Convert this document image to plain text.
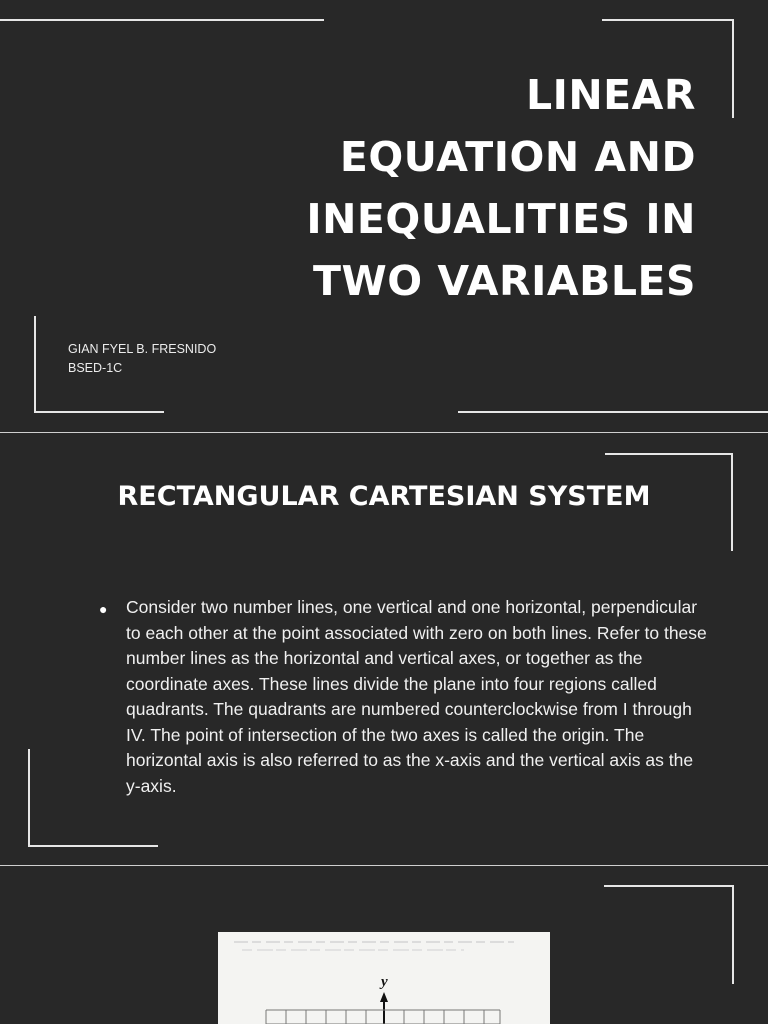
LINEAR
EQUATION AND
INEQUALITIES IN
TWO VARIABLES
GIAN FYEL B. FRESNIDO
BSED-1C
RECTANGULAR CARTESIAN SYSTEM
● Consider two number lines, one vertical and one horizontal, perpendicular to each other at the point associated with zero on both lines. Refer to these number lines as the horizontal and vertical axes, or together as the coordinate axes. These lines divide the plane into four regions called quadrants. The quadrants are numbered counterclockwise from I through IV. The point of intersection of the two axes is called the origin. The horizontal axis is also referred to as the x-axis and the vertical axis as the y-axis.

y
